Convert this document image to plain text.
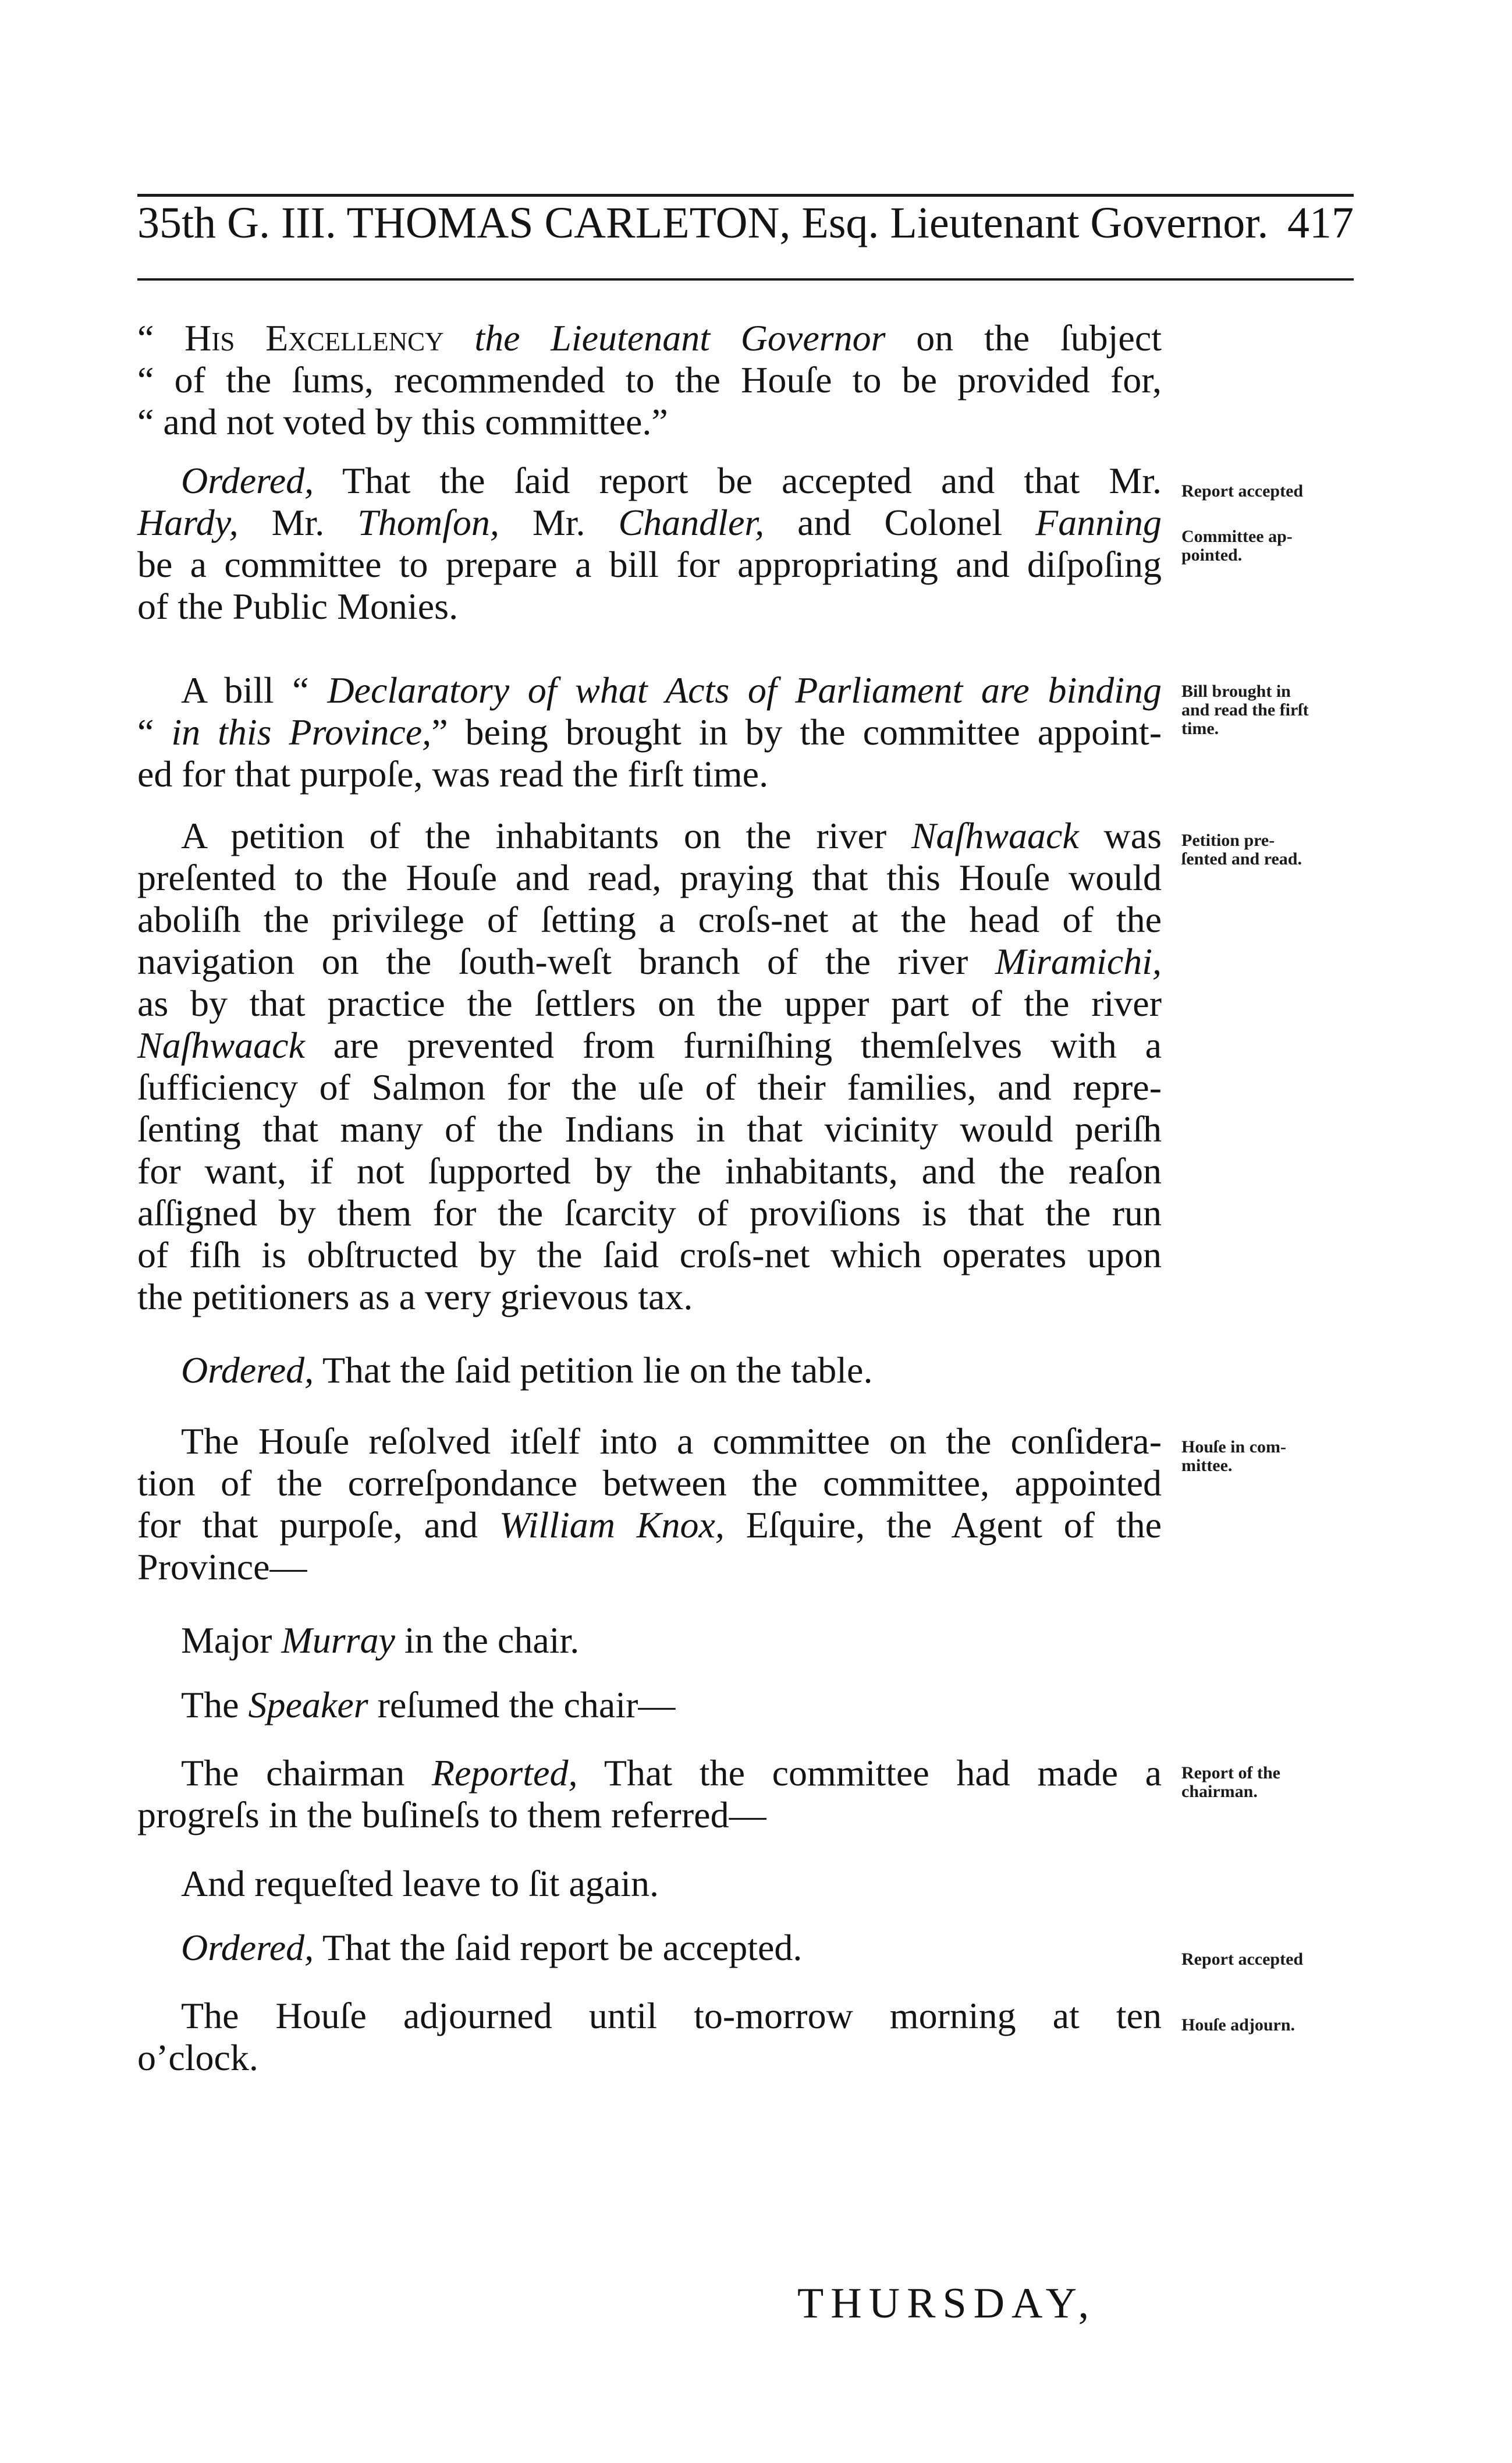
35th G. III. THOMAS CARLETON, Esq. Lieutenant Governor. 417
“ His Excellency the Lieutenant Governor on the ſubject
“ of the ſums, recommended to the Houſe to be provided for,
“ and not voted by this committee.”
Ordered, That the ſaid report be accepted and that Mr.
Hardy, Mr. Thomſon, Mr. Chandler, and Colonel Fanning
be a committee to prepare a bill for appropriating and diſpoſing
of the Public Monies.
Report accepted
Committee ap-
pointed.
A bill “ Declaratory of what Acts of Parliament are binding
“ in this Province,” being brought in by the committee appoint-
ed for that purpoſe, was read the firſt time.
Bill brought in
and read the firſt
time.
A petition of the inhabitants on the river Naſhwaack was
preſented to the Houſe and read, praying that this Houſe would
aboliſh the privilege of ſetting a croſs-net at the head of the
navigation on the ſouth-weſt branch of the river Miramichi,
as by that practice the ſettlers on the upper part of the river
Naſhwaack are prevented from furniſhing themſelves with a
ſufficiency of Salmon for the uſe of their families, and repre-
ſenting that many of the Indians in that vicinity would periſh
for want, if not ſupported by the inhabitants, and the reaſon
aſſigned by them for the ſcarcity of proviſions is that the run
of fiſh is obſtructed by the ſaid croſs-net which operates upon
the petitioners as a very grievous tax.
Petition pre-
ſented and read.
Ordered, That the ſaid petition lie on the table.
The Houſe reſolved itſelf into a committee on the conſidera-
tion of the correſpondance between the committee, appointed
for that purpoſe, and William Knox, Eſquire, the Agent of the
Province—
Houſe in com-
mittee.
Major Murray in the chair.
The Speaker reſumed the chair—
The chairman Reported, That the committee had made a
progreſs in the buſineſs to them referred—
Report of the
chairman.
And requeſted leave to ſit again.
Ordered, That the ſaid report be accepted.	Report accepted
The Houſe adjourned until to-morrow morning at ten
o’clock.
Houſe adjourn.
THURSDAY,
